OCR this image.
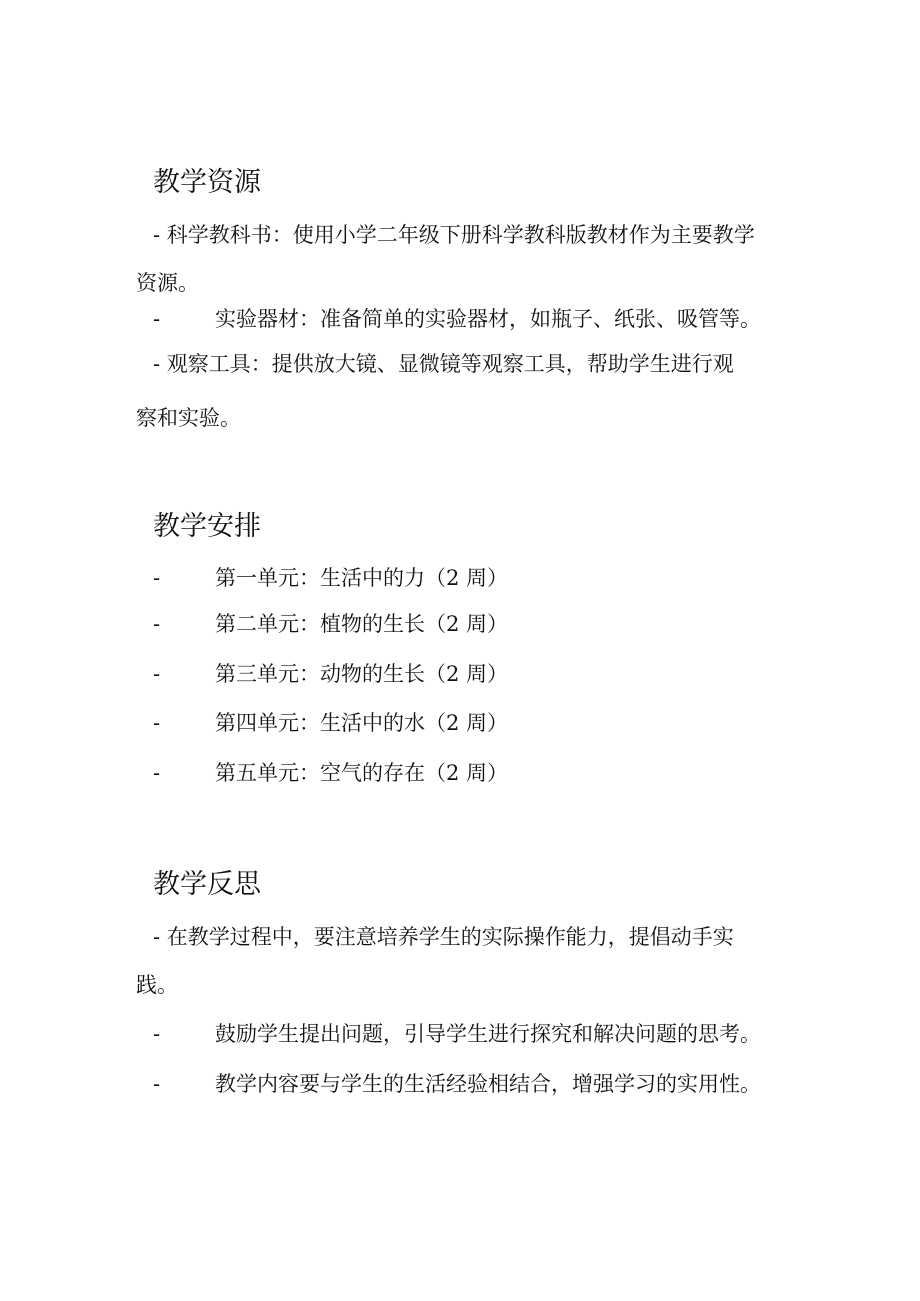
教学资源
- 科学教科书：使用小学二年级下册科学教科版教材作为主要教学
资源。
-	实验器材：准备简单的实验器材，如瓶子、纸张、吸管等。
- 观察工具：提供放大镜、显微镜等观察工具，帮助学生进行观
察和实验。
教学安排
-	第一单元：生活中的力（2 周）
-	第二单元：植物的生长（2 周）
-	第三单元：动物的生长（2 周）
-	第四单元：生活中的水（2 周）
-	第五单元：空气的存在（2 周）
教学反思
- 在教学过程中，要注意培养学生的实际操作能力，提倡动手实
践。
-	鼓励学生提出问题，引导学生进行探究和解决问题的思考。
-	教学内容要与学生的生活经验相结合，增强学习的实用性。
